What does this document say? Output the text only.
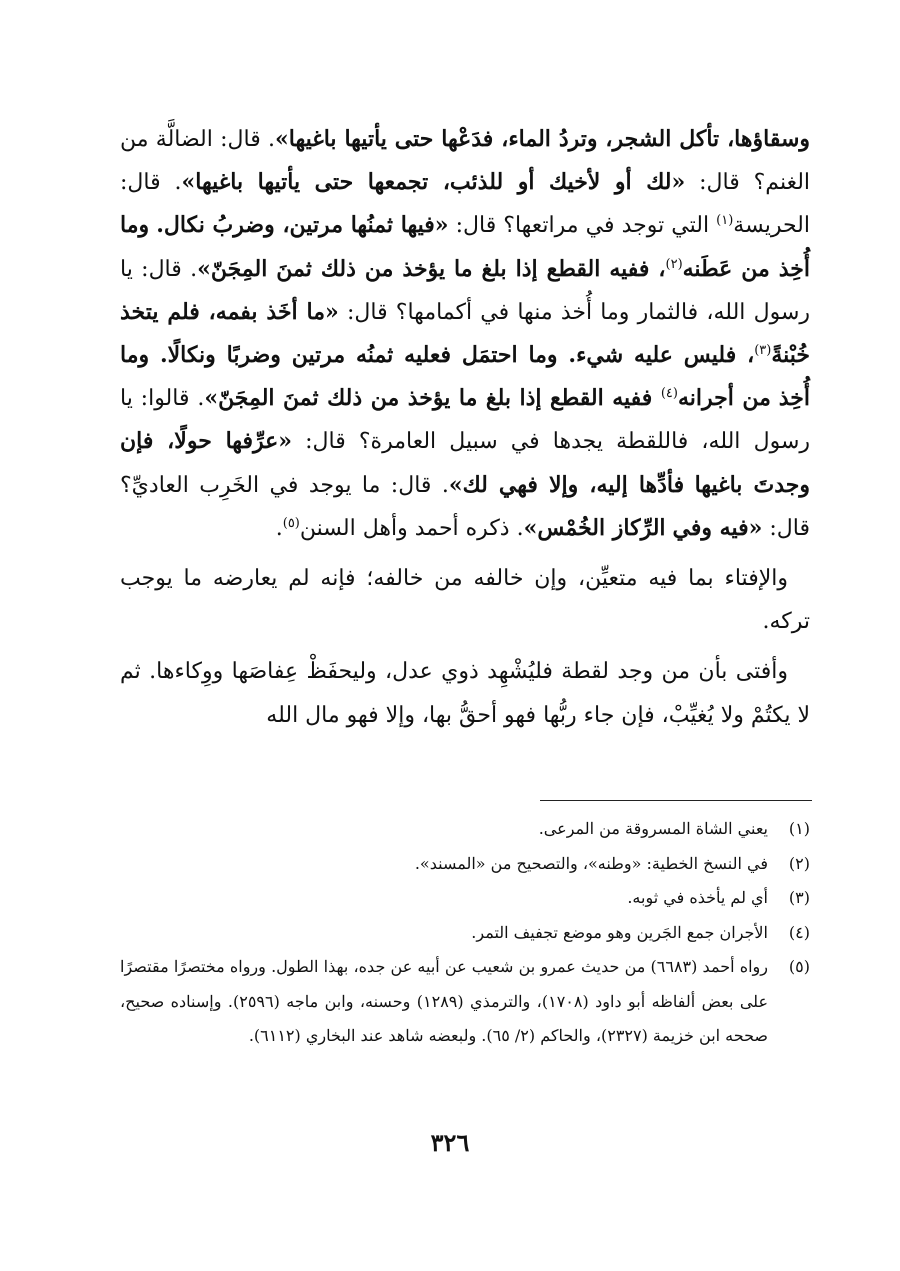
وسقاؤها، تأكل الشجر، وتردُ الماء، فدَعْها حتى يأتيها باغيها». قال: الضالَّة من الغنم؟ قال: «لك أو لأخيك أو للذئب، تجمعها حتى يأتيها باغيها». قال: الحريسة$^{(١)}$ التي توجد في مراتعها؟ قال: «فيها ثمنُها مرتين، وضربُ نكال. وما أُخِذ من عَطَنه$^{(٢)}$، ففيه القطع إذا بلغ ما يؤخذ من ذلك ثمنَ المِجَنّ». قال: يا رسول الله، فالثمار وما أُخذ منها في أكمامها؟ قال: «ما أخَذ بفمه، فلم يتخذ خُبْنةً$^{(٣)}$، فليس عليه شيء. وما احتمَل فعليه ثمنُه مرتين وضربًا ونكالًا. وما أُخِذ من أجرانه$^{(٤)}$ ففيه القطع إذا بلغ ما يؤخذ من ذلك ثمنَ المِجَنّ». قالوا: يا رسول الله، فاللقطة يجدها في سبيل العامرة؟ قال: «عرِّفها حولًا، فإن وجدتَ باغيها فأدِّها إليه، وإلا فهي لك». قال: ما يوجد في الخَرِب العاديِّ؟ قال: «فيه وفي الرِّكاز الخُمْس». ذكره أحمد وأهل السنن$^{(٥)}$.

والإفتاء بما فيه متعيِّن، وإن خالفه من خالفه؛ فإنه لم يعارضه ما يوجب تركه.

وأفتى بأن من وجد لقطة فليُشْهِد ذوي عدل، وليحفَظْ عِفاصَها ووِكاءها. ثم لا يكتُمْ ولا يُغيِّبْ، فإن جاء ربُّها فهو أحقُّ بها، وإلا فهو مال الله

(١)
يعني الشاة المسروقة من المرعى.
(٢)
في النسخ الخطية: «وطنه»، والتصحيح من «المسند».
(٣)
أي لم يأخذه في ثوبه.
(٤)
الأجران جمع الجَرين وهو موضع تجفيف التمر.
(٥)
رواه أحمد (٦٦٨٣) من حديث عمرو بن شعيب عن أبيه عن جده، بهذا الطول. ورواه مختصرًا مقتصرًا على بعض ألفاظه أبو داود (١٧٠٨)، والترمذي (١٢٨٩) وحسنه، وابن ماجه (٢٥٩٦). وإسناده صحيح، صححه ابن خزيمة (٢٣٢٧)، والحاكم (٢/ ٦٥). ولبعضه شاهد عند البخاري (٦١١٢).
٣٢٦
